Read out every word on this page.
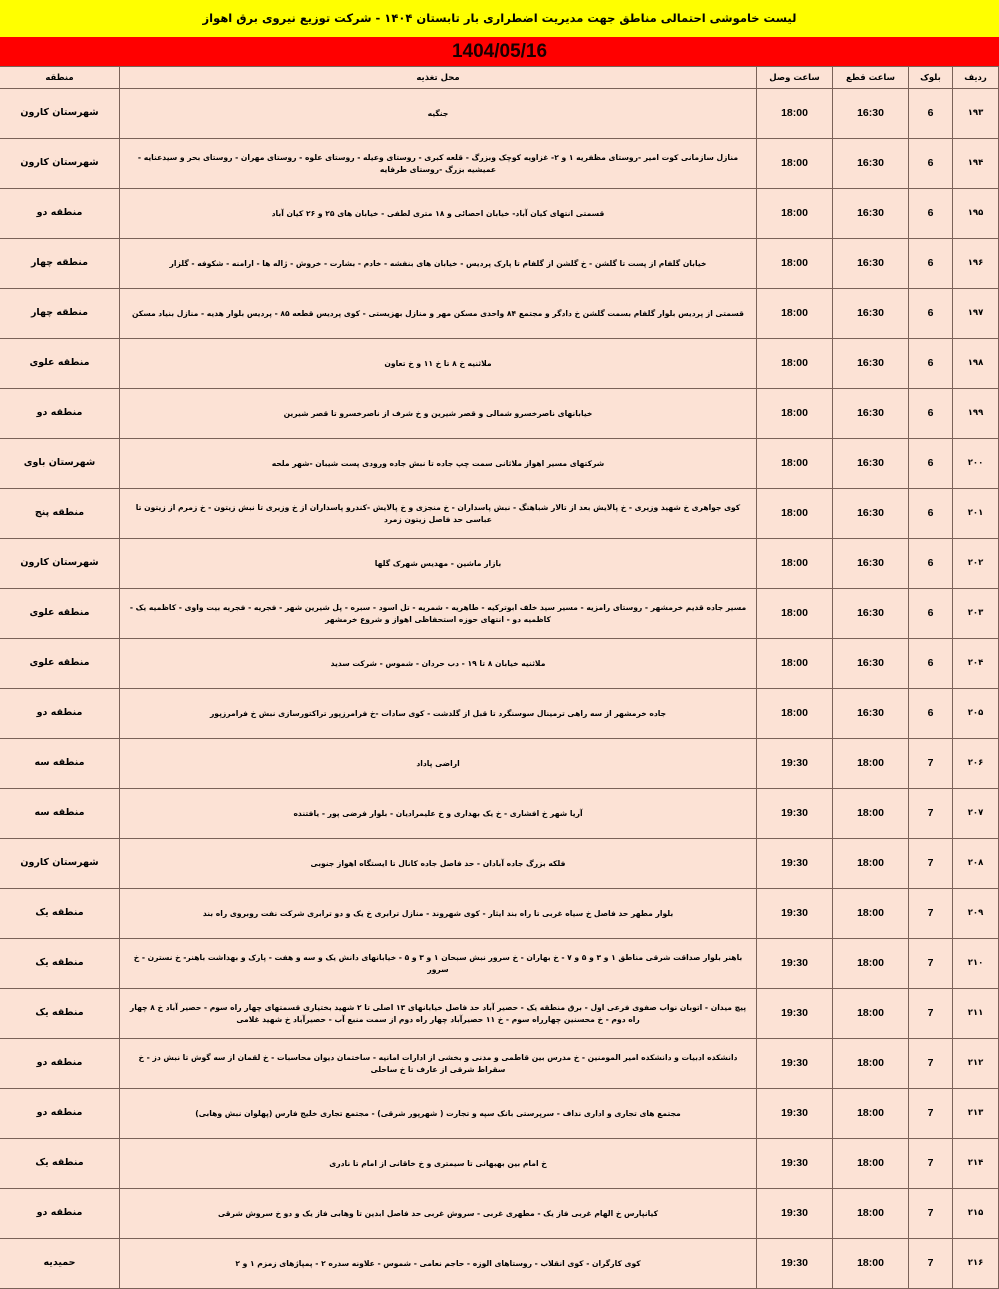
لیست خاموشی احتمالی مناطق جهت مدیریت اضطراری بار تابستان ۱۴۰۴ - شرکت توزیع نیروی برق اهواز
1404/05/16
ردیف	بلوک	ساعت قطع	ساعت وصل	محل تغذیه	منطقه
۱۹۳	6	16:30	18:00	جنگیه	شهرستان کارون
۱۹۴	6	16:30	18:00	منازل سازمانی کوت امیر -روستای مظفریه ۱ و ۲- غزاویه کوچک وبزرگ - قلعه کبری - روستای وعیله - روستای علوه - روستای مهران - روستای بحر و سیدعنایه - عمیشیه بزرگ -روستای طرفایه	شهرستان کارون
۱۹۵	6	16:30	18:00	قسمتی انتهای کیان آباد- خیابان احصائی و ۱۸ متری لطفی - خیابان های ۲۵ و ۲۶ کیان آباد	منطقه دو
۱۹۶	6	16:30	18:00	خیابان گلفام از پست تا گلشن - خ گلشن از گلفام تا پارک پردیس - خیابان های بنفشه - خادم - بشارت - خروش - ژاله ها - ارامنه - شکوفه - گلزار	منطقه چهار
۱۹۷	6	16:30	18:00	قسمتی از پردیس بلوار گلفام بسمت گلشن خ دادگر و مجتمع ۸۴ واحدی مسکن مهر و منازل بهزیستی - کوی پردیس قطعه ۸۵ - پردیس بلوار هدیه - منازل بنیاد مسکن	منطقه چهار
۱۹۸	6	16:30	18:00	ملاثنیه خ ۸ تا خ ۱۱ و خ تعاون	منطقه علوی
۱۹۹	6	16:30	18:00	خیابانهای ناصرخسرو شمالی و قصر شیرین و خ شرف از ناصرخسرو تا قصر شیرین	منطقه دو
۲۰۰	6	16:30	18:00	شرکتهای مسیر اهواز ملاثانی سمت چپ جاده تا نبش جاده ورودی پست شیبان -شهر ملحه	شهرستان باوی
۲۰۱	6	16:30	18:00	کوی جواهری خ شهید وزیری - خ پالایش بعد از تالار شباهنگ - نبش پاسداران - خ منجزی و خ پالایش -کندرو پاسداران از خ وزیری تا نبش زیتون - خ زمرم از زیتون تا عباسی حد فاصل زیتون زمرد	منطقه پنج
۲۰۲	6	16:30	18:00	بازار ماشین - مهدیس شهرک گلها	شهرستان کارون
۲۰۳	6	16:30	18:00	مسیر جاده قدیم خرمشهر - روستای رامزیه - مسیر سید خلف ابوترکیه - طاهریه - شمریه - تل اسود - سبره - پل شیرین شهر - فجریه - فجریه بیت واوی - کاظمیه یک - کاظمیه دو - انتهای حوزه استحفاظی اهواز و شروع خرمشهر	منطقه علوی
۲۰۴	6	16:30	18:00	ملاثنیه خیابان ۸ تا ۱۹ - دب حردان - شموس - شرکت سدید	منطقه علوی
۲۰۵	6	16:30	18:00	جاده خرمشهر از سه راهی ترمینال سوسنگرد تا قبل از گلدشت - کوی سادات -خ فرامرزپور تراکتورسازی نبش خ فرامرزپور	منطقه دو
۲۰۶	7	18:00	19:30	اراضی پاداد	منطقه سه
۲۰۷	7	18:00	19:30	آریا شهر خ افشاری - خ یک بهداری و خ علیمرادیان - بلوار فرضی پور - یافتنده	منطقه سه
۲۰۸	7	18:00	19:30	فلکه بزرگ جاده آبادان - حد فاصل جاده کانال تا ایستگاه اهواز جنوبی	شهرستان کارون
۲۰۹	7	18:00	19:30	بلوار مطهر حد فاصل خ سیاه غربی تا راه بند ایثار - کوی شهروند - منازل ترابری خ یک و دو ترابری شرکت نفت روبروی راه بند	منطقه یک
۲۱۰	7	18:00	19:30	باهنر بلوار صداقت شرقی مناطق ۱ و ۳ و ۵ و ۷ - خ بهاران - خ سرور نبش سبحان ۱ و ۳ و ۵ - خیابانهای دانش یک و سه و هفت - پارک و بهداشت باهنر- خ نسترن - خ سرور	منطقه یک
۲۱۱	7	18:00	19:30	پیچ میدان - اتوبان نواب صفوی فرعی اول - برق منطقه یک - حصیر آباد حد فاصل خیابانهای ۱۳ اصلی تا ۲ شهید بختیاری قسمتهای چهار راه سوم - حصیر آباد خ ۸ چهار راه دوم - خ محسنین چهارراه سوم - خ ۱۱ حصیرآباد چهار راه دوم از سمت منبع آب - حصیرآباد خ شهید غلامی	منطقه یک
۲۱۲	7	18:00	19:30	دانشکده ادبیات و دانشکده امیر المومنین - خ مدرس بین قاطمی و مدنی و بخشی از ادارات امانیه - ساختمان دیوان محاسبات - خ لقمان از سه گوش تا نبش دز - خ سقراط شرقی از عارف تا خ ساحلی	منطقه دو
۲۱۳	7	18:00	19:30	مجتمع های تجاری و اداری نداف - سرپرستی بانک سپه و تجارت ( شهرپور شرقی) - مجتمع تجاری خلیج فارس (پهلوان نبش وهابی)	منطقه دو
۲۱۴	7	18:00	19:30	خ امام بین بهبهانی تا سیمتری و خ خاقانی از امام تا نادری	منطقه یک
۲۱۵	7	18:00	19:30	کیانپارس خ الهام غربی فاز یک - مطهری غربی - سروش غربی حد فاصل ابدین تا وهابی فاز یک و دو خ سروش شرقی	منطقه دو
۲۱۶	7	18:00	19:30	کوی کارگران - کوی انقلاب - روستاهای الوزه - حاجم نعامی - شموس - علاونه سدره ۲ - پمپاژهای زمزم ۱ و ۲	حمیدیه
